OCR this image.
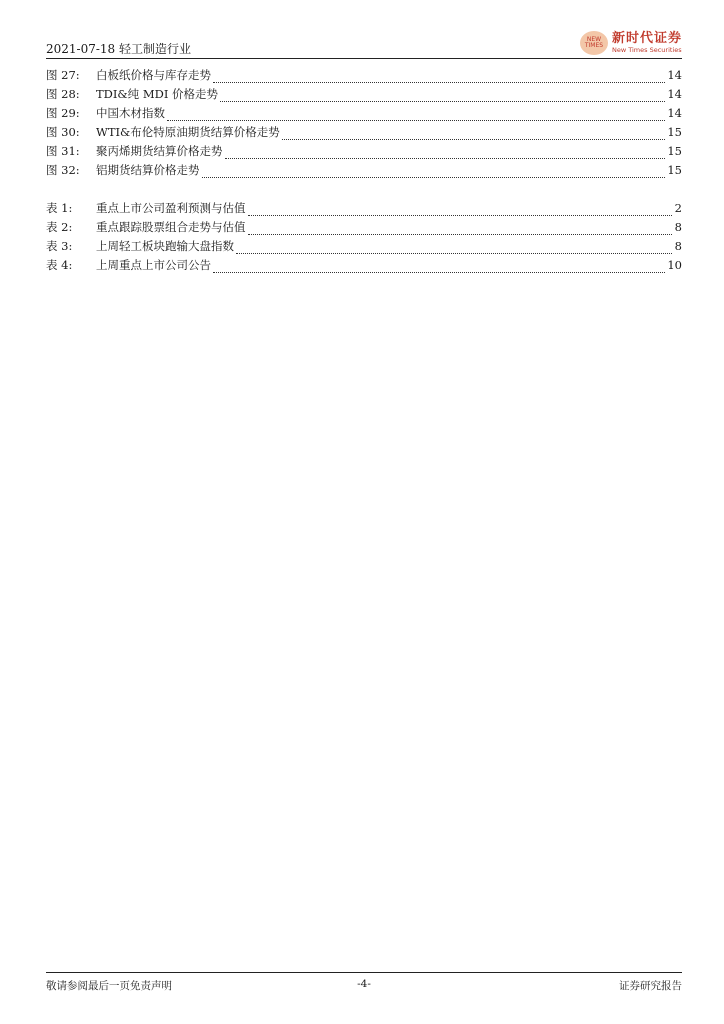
2021-07-18 轻工制造行业
NEW TIMES 新时代证券
New Times Securities
图 27:	白板纸价格与库存走势	14
图 28:	TDI&纯 MDI 价格走势	14
图 29:	中国木材指数	14
图 30:	WTI&布伦特原油期货结算价格走势	15
图 31:	聚丙烯期货结算价格走势	15
图 32:	铝期货结算价格走势	15
表 1:	重点上市公司盈利预测与估值	2
表 2:	重点跟踪股票组合走势与估值	8
表 3:	上周轻工板块跑输大盘指数	8
表 4:	上周重点上市公司公告	10
敬请参阅最后一页免责声明	-4-	证券研究报告
